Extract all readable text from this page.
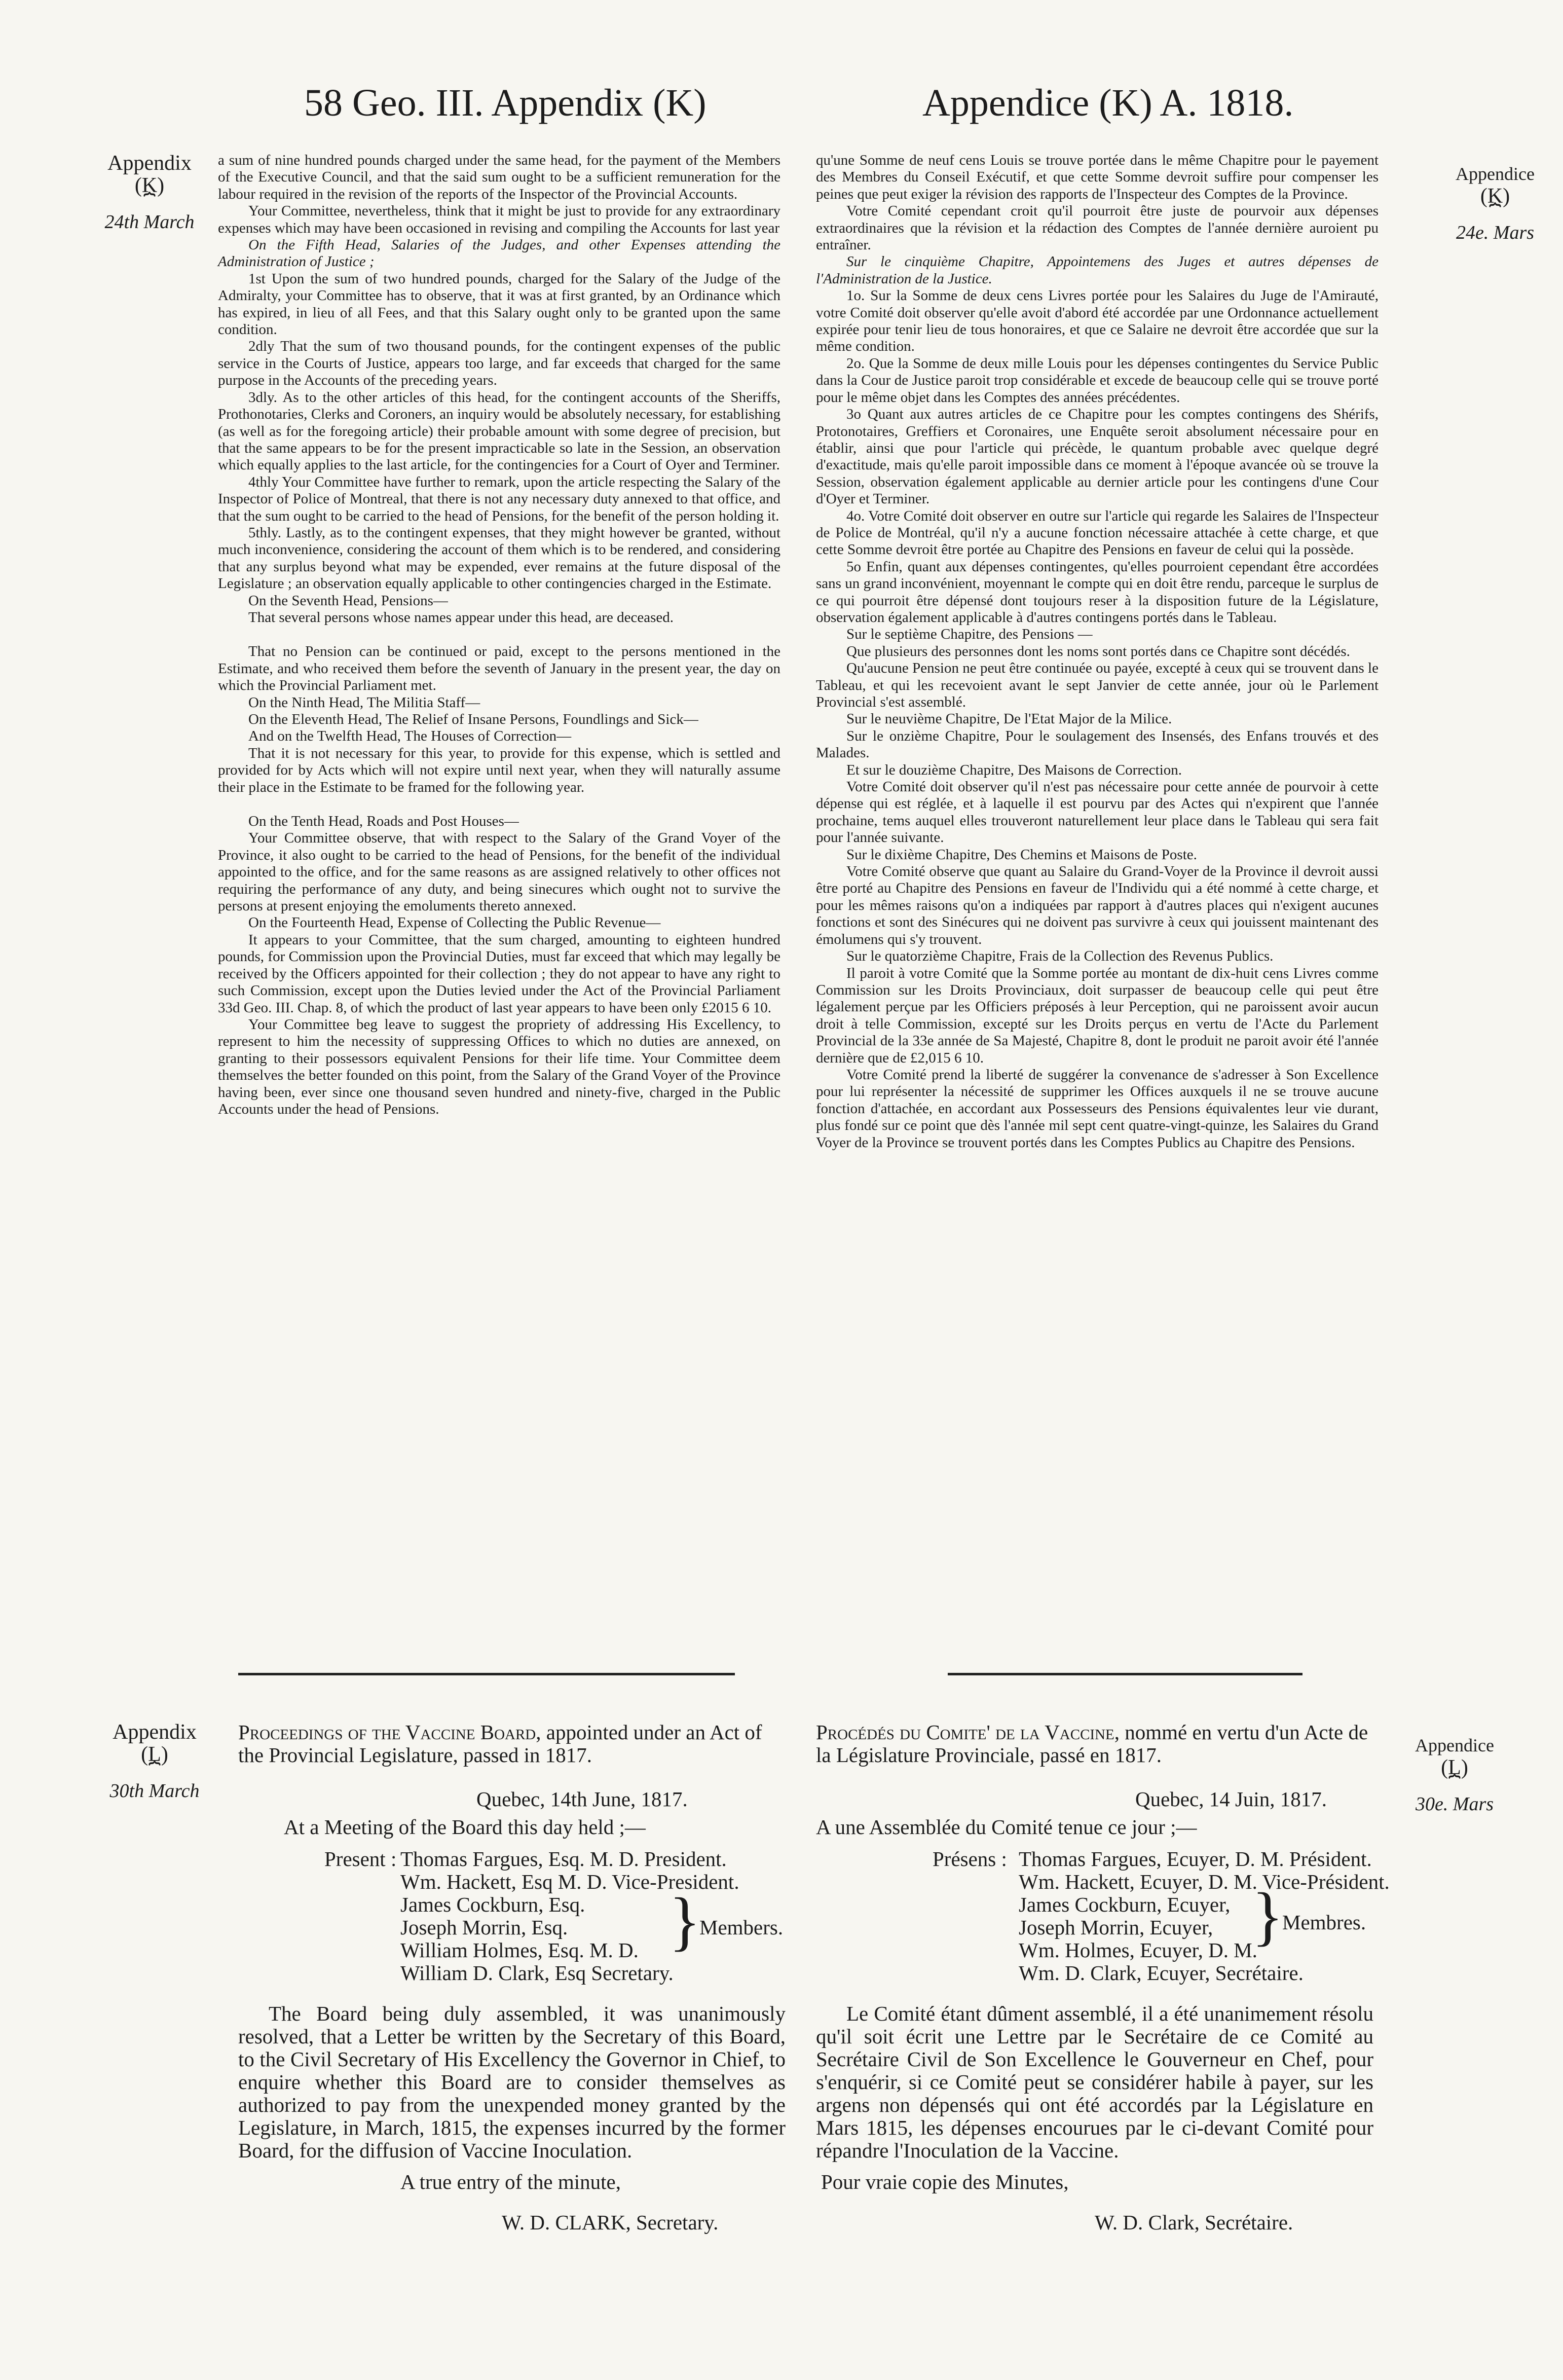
58 Geo. III. Appendix (K)	Appendice (K) A. 1818.
Appendix
(K)
⏞
24th March
Appendice
(K)
⏞
24e. Mars

a sum of nine hundred pounds charged under the same head, for the payment of the Members of the Executive Council, and that the said sum ought to be a sufficient remuneration for the labour required in the revision of the reports of the Inspector of the Provincial Accounts.

Your Committee, nevertheless, think that it might be just to provide for any extraordinary expenses which may have been occasioned in revising and compiling the Accounts for last year

On the Fifth Head, Salaries of the Judges, and other Expenses attending the Administration of Justice ;

1st Upon the sum of two hundred pounds, charged for the Salary of the Judge of the Admiralty, your Committee has to observe, that it was at first granted, by an Ordinance which has expired, in lieu of all Fees, and that this Salary ought only to be granted upon the same condition.

2dly That the sum of two thousand pounds, for the contingent expenses of the public service in the Courts of Justice, appears too large, and far exceeds that charged for the same purpose in the Accounts of the preceding years.

3dly. As to the other articles of this head, for the contingent accounts of the Sheriffs, Prothonotaries, Clerks and Coroners, an inquiry would be absolutely necessary, for establishing (as well as for the foregoing article) their probable amount with some degree of precision, but that the same appears to be for the present impracticable so late in the Session, an observation which equally applies to the last article, for the contingencies for a Court of Oyer and Terminer.

4thly Your Committee have further to remark, upon the article respecting the Salary of the Inspector of Police of Montreal, that there is not any necessary duty annexed to that office, and that the sum ought to be carried to the head of Pensions, for the benefit of the person holding it.

5thly. Lastly, as to the contingent expenses, that they might however be granted, without much inconvenience, considering the account of them which is to be rendered, and considering that any surplus beyond what may be expended, ever remains at the future disposal of the Legislature ; an observation equally applicable to other contingencies charged in the Estimate.

On the Seventh Head, Pensions—

That several persons whose names appear under this head, are deceased.

That no Pension can be continued or paid, except to the persons mentioned in the Estimate, and who received them before the seventh of January in the present year, the day on which the Provincial Parliament met.

On the Ninth Head, The Militia Staff—

On the Eleventh Head, The Relief of Insane Persons, Foundlings and Sick—

And on the Twelfth Head, The Houses of Correction—

That it is not necessary for this year, to provide for this expense, which is settled and provided for by Acts which will not expire until next year, when they will naturally assume their place in the Estimate to be framed for the following year.

On the Tenth Head, Roads and Post Houses—

Your Committee observe, that with respect to the Salary of the Grand Voyer of the Province, it also ought to be carried to the head of Pensions, for the benefit of the individual appointed to the office, and for the same reasons as are assigned relatively to other offices not requiring the performance of any duty, and being sinecures which ought not to survive the persons at present enjoying the emoluments thereto annexed.

On the Fourteenth Head, Expense of Collecting the Public Revenue—

It appears to your Committee, that the sum charged, amounting to eighteen hundred pounds, for Commission upon the Provincial Duties, must far exceed that which may legally be received by the Officers appointed for their collection ; they do not appear to have any right to such Commission, except upon the Duties levied under the Act of the Provincial Parliament 33d Geo. III. Chap. 8, of which the product of last year appears to have been only £2015 6 10.

Your Committee beg leave to suggest the propriety of addressing His Excellency, to represent to him the necessity of suppressing Offices to which no duties are annexed, on granting to their possessors equivalent Pensions for their life time. Your Committee deem themselves the better founded on this point, from the Salary of the Grand Voyer of the Province having been, ever since one thousand seven hundred and ninety-five, charged in the Public Accounts under the head of Pensions.

qu'une Somme de neuf cens Louis se trouve portée dans le même Chapitre pour le payement des Membres du Conseil Exécutif, et que cette Somme devroit suffire pour compenser les peines que peut exiger la révision des rapports de l'Inspecteur des Comptes de la Province.

Votre Comité cependant croit qu'il pourroit être juste de pourvoir aux dépenses extraordinaires que la révision et la rédaction des Comptes de l'année dernière auroient pu entraîner.

Sur le cinquième Chapitre, Appointemens des Juges et autres dépenses de l'Administration de la Justice.

1o. Sur la Somme de deux cens Livres portée pour les Salaires du Juge de l'Amirauté, votre Comité doit observer qu'elle avoit d'abord été accordée par une Ordonnance actuellement expirée pour tenir lieu de tous honoraires, et que ce Salaire ne devroit être accordée que sur la même condition.

2o. Que la Somme de deux mille Louis pour les dépenses contingentes du Service Public dans la Cour de Justice paroit trop considérable et excede de beaucoup celle qui se trouve porté pour le même objet dans les Comptes des années précédentes.

3o Quant aux autres articles de ce Chapitre pour les comptes contingens des Shérifs, Protonotaires, Greffiers et Coronaires, une Enquête seroit absolument nécessaire pour en établir, ainsi que pour l'article qui précède, le quantum probable avec quelque degré d'exactitude, mais qu'elle paroit impossible dans ce moment à l'époque avancée où se trouve la Session, observation également applicable au dernier article pour les contingens d'une Cour d'Oyer et Terminer.

4o. Votre Comité doit observer en outre sur l'article qui regarde les Salaires de l'Inspecteur de Police de Montréal, qu'il n'y a aucune fonction nécessaire attachée à cette charge, et que cette Somme devroit être portée au Chapitre des Pensions en faveur de celui qui la possède.

5o Enfin, quant aux dépenses contingentes, qu'elles pourroient cependant être accordées sans un grand inconvénient, moyennant le compte qui en doit être rendu, parceque le surplus de ce qui pourroit être dépensé dont toujours reser à la disposition future de la Législature, observation également applicable à d'autres contingens portés dans le Tableau.

Sur le septième Chapitre, des Pensions —

Que plusieurs des personnes dont les noms sont portés dans ce Chapitre sont décédés.

Qu'aucune Pension ne peut être continuée ou payée, excepté à ceux qui se trouvent dans le Tableau, et qui les recevoient avant le sept Janvier de cette année, jour où le Parlement Provincial s'est assemblé.

Sur le neuvième Chapitre, De l'Etat Major de la Milice.

Sur le onzième Chapitre, Pour le soulagement des Insensés, des Enfans trouvés et des Malades.

Et sur le douzième Chapitre, Des Maisons de Correction.

Votre Comité doit observer qu'il n'est pas nécessaire pour cette année de pourvoir à cette dépense qui est réglée, et à laquelle il est pourvu par des Actes qui n'expirent que l'année prochaine, tems auquel elles trouveront naturellement leur place dans le Tableau qui sera fait pour l'année suivante.

Sur le dixième Chapitre, Des Chemins et Maisons de Poste.

Votre Comité observe que quant au Salaire du Grand-Voyer de la Province il devroit aussi être porté au Chapitre des Pensions en faveur de l'Individu qui a été nommé à cette charge, et pour les mêmes raisons qu'on a indiquées par rapport à d'autres places qui n'exigent aucunes fonctions et sont des Sinécures qui ne doivent pas survivre à ceux qui jouissent maintenant des émolumens qui s'y trouvent.

Sur le quatorzième Chapitre, Frais de la Collection des Revenus Publics.

Il paroit à votre Comité que la Somme portée au montant de dix-huit cens Livres comme Commission sur les Droits Provinciaux, doit surpasser de beaucoup celle qui peut être légalement perçue par les Officiers préposés à leur Perception, qui ne paroissent avoir aucun droit à telle Commission, excepté sur les Droits perçus en vertu de l'Acte du Parlement Provincial de la 33e année de Sa Majesté, Chapitre 8, dont le produit ne paroit avoir été l'année dernière que de £2,015 6 10.

Votre Comité prend la liberté de suggérer la convenance de s'adresser à Son Excellence pour lui représenter la nécessité de supprimer les Offices auxquels il ne se trouve aucune fonction d'attachée, en accordant aux Possesseurs des Pensions équivalentes leur vie durant, plus fondé sur ce point que dès l'année mil sept cent quatre-vingt-quinze, les Salaires du Grand Voyer de la Province se trouvent portés dans les Comptes Publics au Chapitre des Pensions.

Appendix
(L)
⏞
30th March
Appendice
(L)
⏞
30e. Mars
Proceedings of the Vaccine Board, appointed under an Act of the Provincial Legislature, passed in 1817.
Quebec, 14th June, 1817.
At a Meeting of the Board this day held ;—
Present : Thomas Fargues, Esq. M. D. President.
Wm. Hackett, Esq M. D. Vice-President.
James Cockburn, Esq.
Joseph Morrin, Esq.
William Holmes, Esq. M. D.
William D. Clark, Esq Secretary.
}
Members.

The Board being duly assembled, it was unanimously resolved, that a Letter be written by the Secretary of this Board, to the Civil Secretary of His Excellency the Governor in Chief, to enquire whether this Board are to consider themselves as authorized to pay from the unexpended money granted by the Legislature, in March, 1815, the expenses incurred by the former Board, for the diffusion of Vaccine Inoculation.

A true entry of the minute,
W. D. CLARK, Secretary.
Procédés du Comite' de la Vaccine, nommé en vertu d'un Acte de la Législature Provinciale, passé en 1817.
Quebec, 14 Juin, 1817.
A une Assemblée du Comité tenue ce jour ;—
Présens : Thomas Fargues, Ecuyer, D. M. Président.
Wm. Hackett, Ecuyer, D. M. Vice-Président.
James Cockburn, Ecuyer,
Joseph Morrin, Ecuyer,
Wm. Holmes, Ecuyer, D. M.
Wm. D. Clark, Ecuyer, Secrétaire.
}
Membres.

Le Comité étant dûment assemblé, il a été unanimement résolu qu'il soit écrit une Lettre par le Secrétaire de ce Comité au Secrétaire Civil de Son Excellence le Gouverneur en Chef, pour s'enquérir, si ce Comité peut se considérer habile à payer, sur les argens non dépensés qui ont été accordés par la Législature en Mars 1815, les dépenses encourues par le ci-devant Comité pour répandre l'Inoculation de la Vaccine.

Pour vraie copie des Minutes,
W. D. Clark, Secrétaire.
